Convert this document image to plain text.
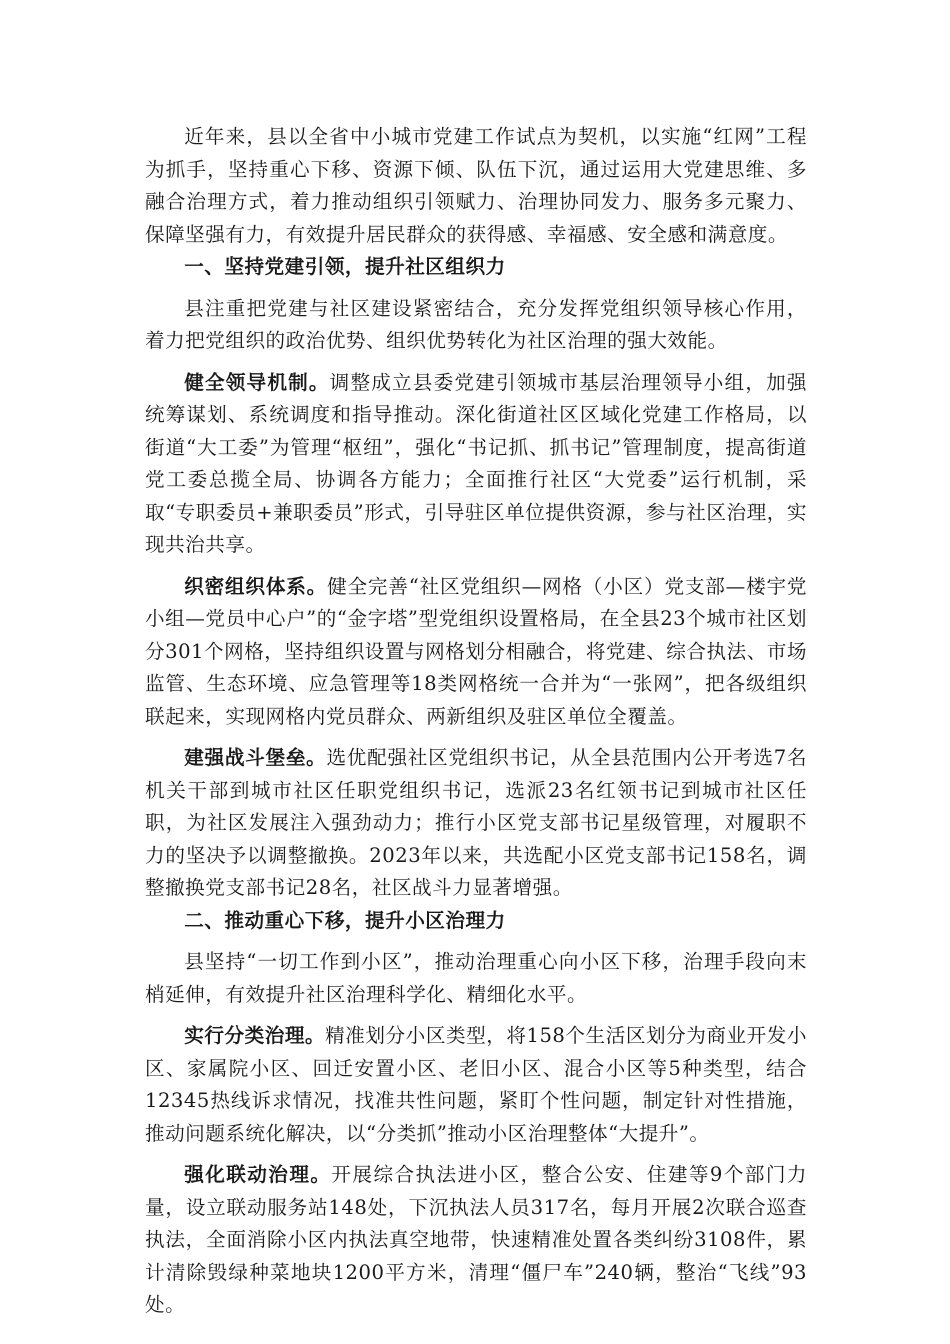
近年来，县以全省中小城市党建工作试点为契机，以实施“红网”工程为抓手，坚持重心下移、资源下倾、队伍下沉，通过运用大党建思维、多融合治理方式，着力推动组织引领赋力、治理协同发力、服务多元聚力、保障坚强有力，有效提升居民群众的获得感、幸福感、安全感和满意度。

一、坚持党建引领，提升社区组织力

县注重把党建与社区建设紧密结合，充分发挥党组织领导核心作用，着力把党组织的政治优势、组织优势转化为社区治理的强大效能。

健全领导机制。调整成立县委党建引领城市基层治理领导小组，加强统筹谋划、系统调度和指导推动。深化街道社区区域化党建工作格局，以街道“大工委”为管理“枢纽”，强化“书记抓、抓书记”管理制度，提高街道党工委总揽全局、协调各方能力；全面推行社区“大党委”运行机制，采取“专职委员+兼职委员”形式，引导驻区单位提供资源，参与社区治理，实现共治共享。

织密组织体系。健全完善“社区党组织—网格（小区）党支部—楼宇党小组—党员中心户”的“金字塔”型党组织设置格局，在全县23个城市社区划分301个网格，坚持组织设置与网格划分相融合，将党建、综合执法、市场监管、生态环境、应急管理等18类网格统一合并为“一张网”，把各级组织联起来，实现网格内党员群众、两新组织及驻区单位全覆盖。

建强战斗堡垒。选优配强社区党组织书记，从全县范围内公开考选7名机关干部到城市社区任职党组织书记，选派23名红领书记到城市社区任职，为社区发展注入强劲动力；推行小区党支部书记星级管理，对履职不力的坚决予以调整撤换。2023年以来，共选配小区党支部书记158名，调整撤换党支部书记28名，社区战斗力显著增强。

二、推动重心下移，提升小区治理力

县坚持“一切工作到小区”，推动治理重心向小区下移，治理手段向末梢延伸，有效提升社区治理科学化、精细化水平。

实行分类治理。精准划分小区类型，将158个生活区划分为商业开发小区、家属院小区、回迁安置小区、老旧小区、混合小区等5种类型，结合12345热线诉求情况，找准共性问题，紧盯个性问题，制定针对性措施，推动问题系统化解决，以“分类抓”推动小区治理整体“大提升”。

强化联动治理。开展综合执法进小区，整合公安、住建等9个部门力量，设立联动服务站148处，下沉执法人员317名，每月开展2次联合巡查执法，全面消除小区内执法真空地带，快速精准处置各类纠纷3108件，累计清除毁绿种菜地块1200平方米，清理“僵尸车”240辆，整治“飞线”93处。
